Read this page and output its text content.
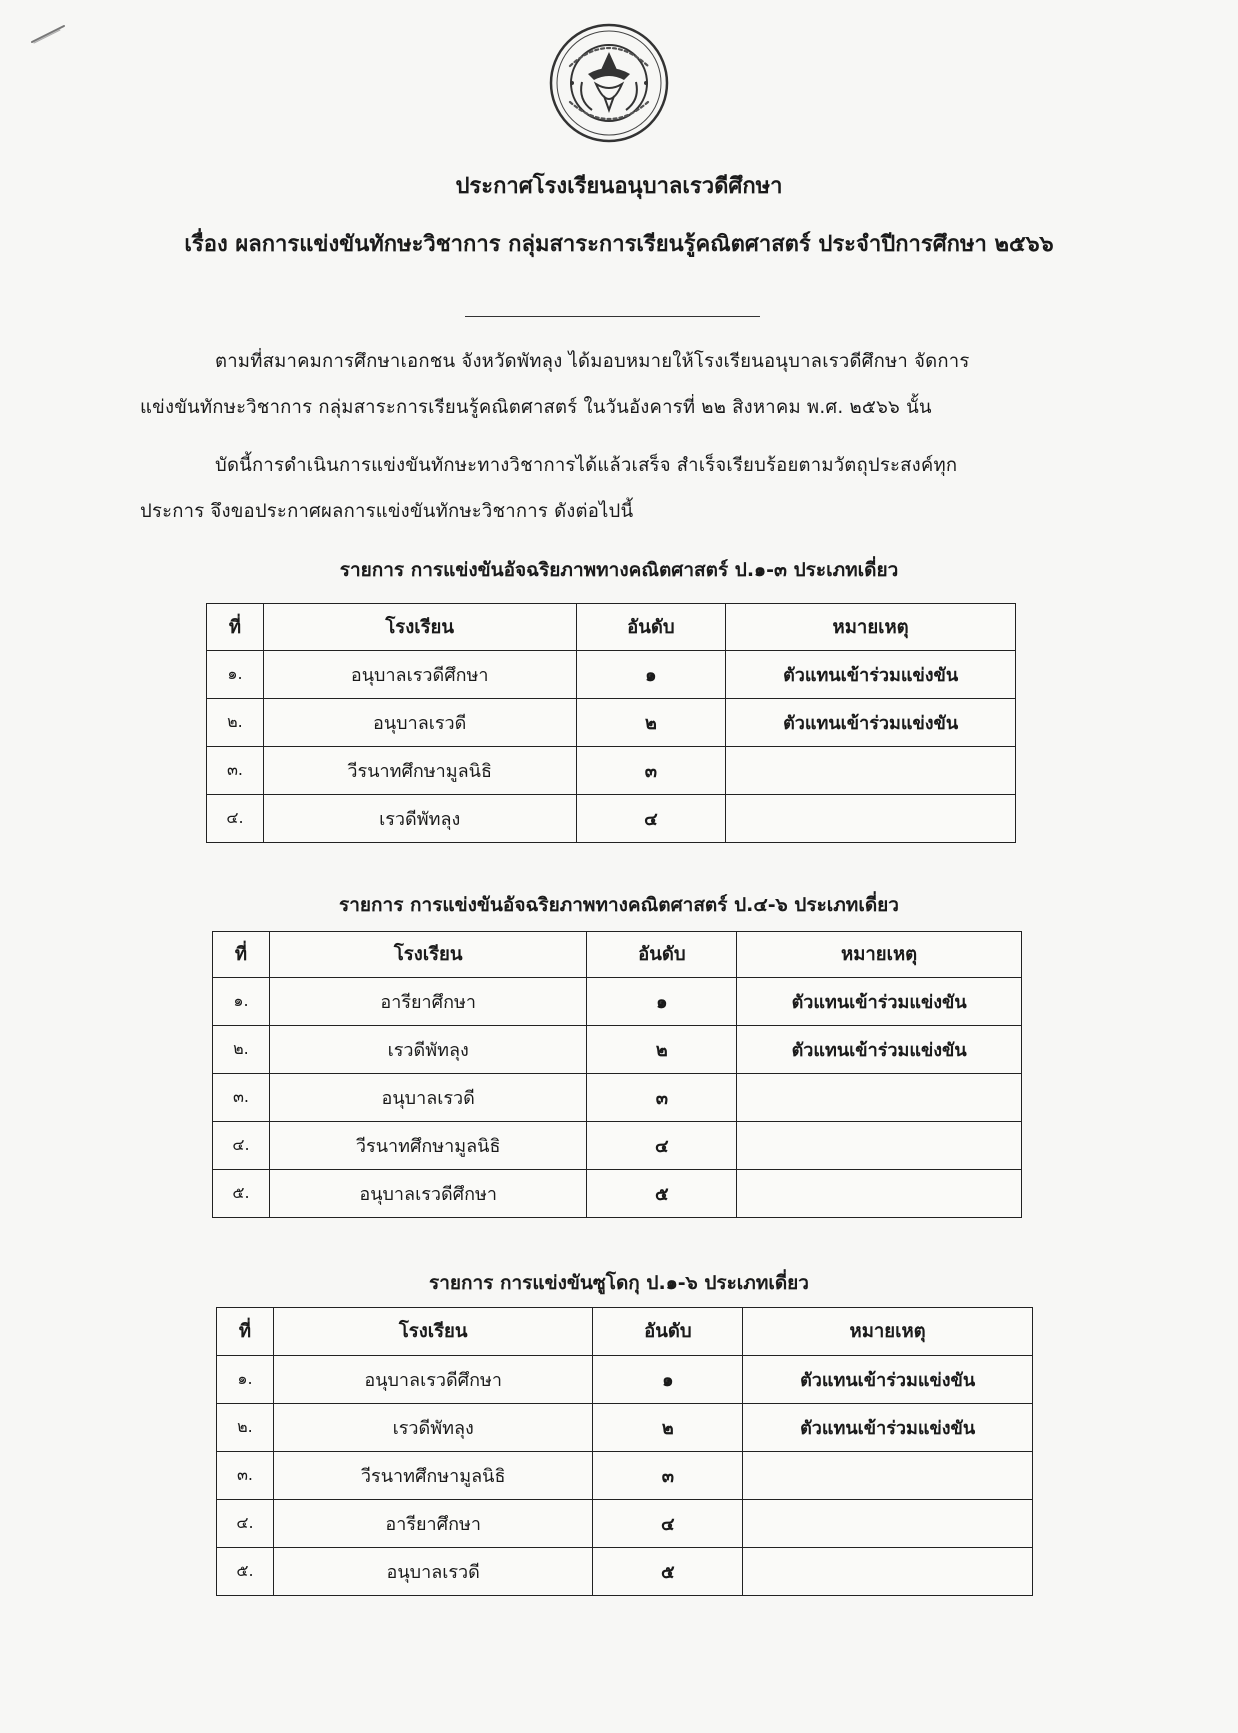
ประกาศโรงเรียนอนุบาลเรวดีศึกษา
เรื่อง ผลการแข่งขันทักษะวิชาการ กลุ่มสาระการเรียนรู้คณิตศาสตร์ ประจำปีการศึกษา ๒๕๖๖
ตามที่สมาคมการศึกษาเอกชน จังหวัดพัทลุง ได้มอบหมายให้โรงเรียนอนุบาลเรวดีศึกษา จัดการ
แข่งขันทักษะวิชาการ กลุ่มสาระการเรียนรู้คณิตศาสตร์ ในวันอังคารที่ ๒๒ สิงหาคม พ.ศ. ๒๕๖๖ นั้น
บัดนี้การดำเนินการแข่งขันทักษะทางวิชาการได้แล้วเสร็จ สำเร็จเรียบร้อยตามวัตถุประสงค์ทุก
ประการ จึงขอประกาศผลการแข่งขันทักษะวิชาการ ดังต่อไปนี้
รายการ การแข่งขันอัจฉริยภาพทางคณิตศาสตร์ ป.๑-๓ ประเภทเดี่ยว
ที่	โรงเรียน	อันดับ	หมายเหตุ
๑.	อนุบาลเรวดีศึกษา	๑	ตัวแทนเข้าร่วมแข่งขัน
๒.	อนุบาลเรวดี	๒	ตัวแทนเข้าร่วมแข่งขัน
๓.	วีรนาทศึกษามูลนิธิ	๓	
๔.	เรวดีพัทลุง	๔	
รายการ การแข่งขันอัจฉริยภาพทางคณิตศาสตร์ ป.๔-๖ ประเภทเดี่ยว
ที่	โรงเรียน	อันดับ	หมายเหตุ
๑.	อารียาศึกษา	๑	ตัวแทนเข้าร่วมแข่งขัน
๒.	เรวดีพัทลุง	๒	ตัวแทนเข้าร่วมแข่งขัน
๓.	อนุบาลเรวดี	๓	
๔.	วีรนาทศึกษามูลนิธิ	๔	
๕.	อนุบาลเรวดีศึกษา	๕	
รายการ การแข่งขันซูโดกุ ป.๑-๖ ประเภทเดี่ยว
ที่	โรงเรียน	อันดับ	หมายเหตุ
๑.	อนุบาลเรวดีศึกษา	๑	ตัวแทนเข้าร่วมแข่งขัน
๒.	เรวดีพัทลุง	๒	ตัวแทนเข้าร่วมแข่งขัน
๓.	วีรนาทศึกษามูลนิธิ	๓	
๔.	อารียาศึกษา	๔	
๕.	อนุบาลเรวดี	๕	
